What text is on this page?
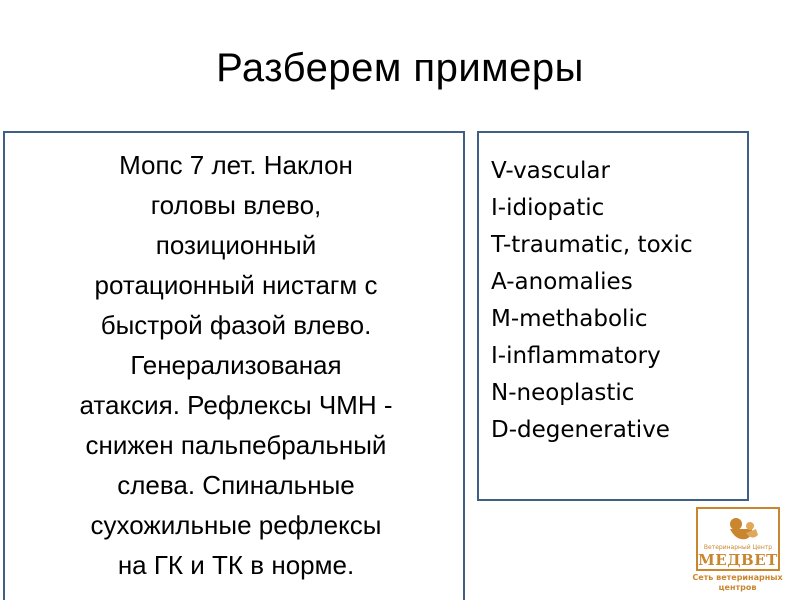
Разберем примеры
Мопс 7 лет. Наклон
головы влево,
позиционный
ротационный нистагм с
быстрой фазой влево.
Генерализованая
атаксия. Рефлексы ЧМН -
снижен пальпебральный
слева. Спинальные
сухожильные рефлексы
на ГК и ТК в норме.
V-vascular
I-idiopatic
T-traumatic, toxic
A-anomalies
M-methabolic
I-inflammatory
N-neoplastic
D-degenerative
Ветеринарный Центр
МЕДВЕТ
Сеть ветеринарных
центров
